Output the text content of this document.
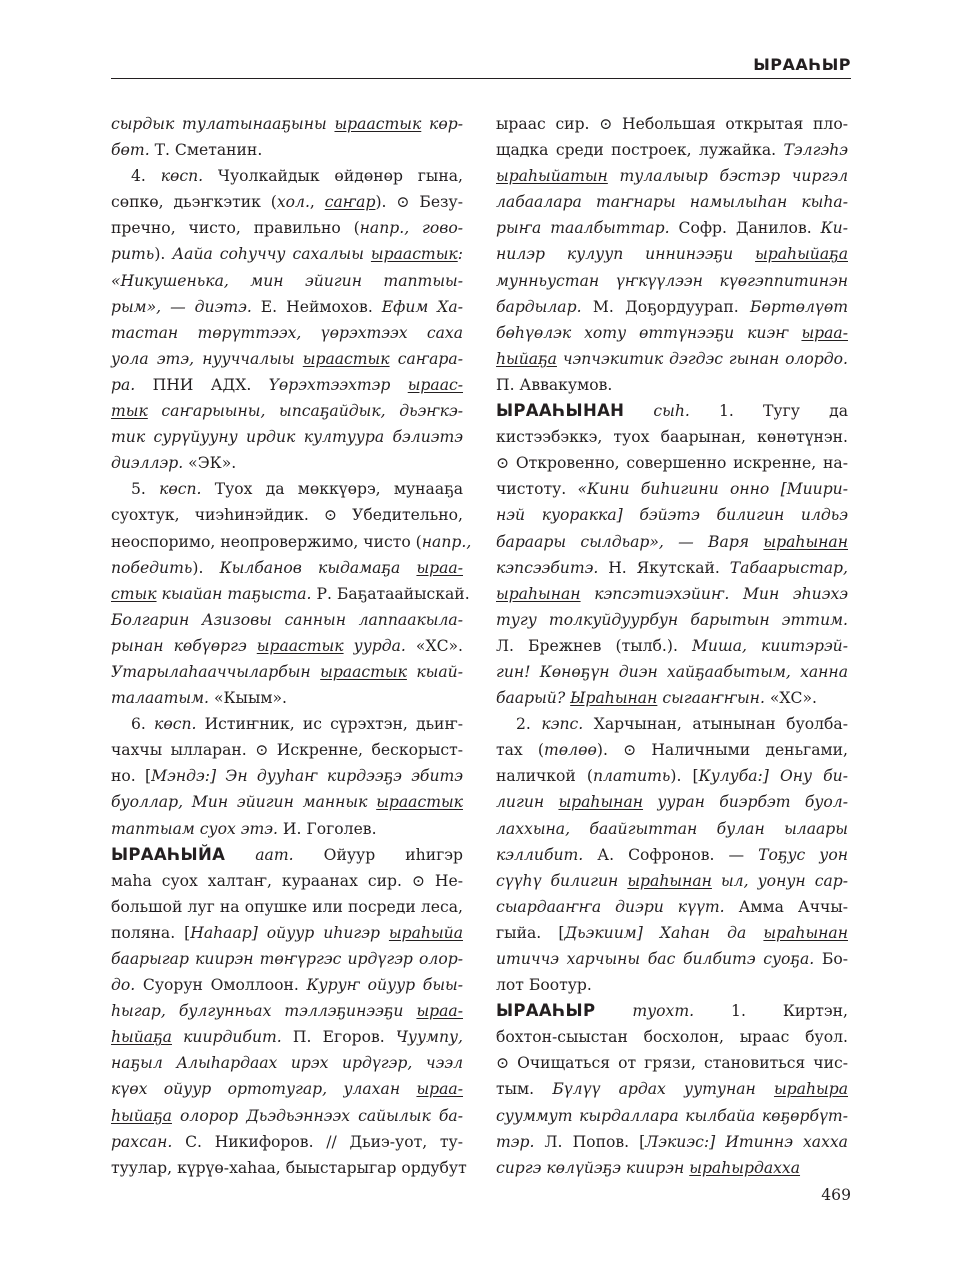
ЫРААҺЫР
сырдык тулатынааҕыны ыраастык көр-
бөт. Т. Сметанин.
4. көсп. Чуолкайдык өйдөнөр гына,
сөпкө, дьэҥкэтик (хол., саҥар). ⊙ Безу-
пречно, чисто, правильно (напр., гово-
рить). Аайа соһуччу сахалыы ыраастык:
«Никушенька, мин эйигин таптыы-
рым», — диэтэ. Е. Неймохов. Ефим Ха-
тастан төрүттээх, үөрэхтээх саха
уола этэ, нууччалыы ыраастык саҥара-
ра. ПНИ АДХ. Үөрэхтээхтэр ыраас-
тык саҥарыыны, ыпсаҕайдык, дьэҥкэ-
тик сурүйууну ирдик култуура бэлиэтэ
диэллэр. «ЭК».
5. көсп. Туох да мөккүөрэ, мунааҕа
суохтук, чиэһинэйдик. ⊙ Убедительно,
неоспоримо, неопровержимо, чисто (напр.,
победить). Кылбанов кыдамаҕа ыраа-
стык кыайан таҕыста. Р. Баҕатаайыскай.
Болгарин Азизовы саннын лаппаакыла-
рынан көбүөргэ ыраастык уурда. «ХС».
Утарылаһааччыларбын ыраастык кыай-
талаатым. «Кыым».
6. көсп. Истиҥник, ис сүрэхтэн, дьиҥ-
чахчы ылларан. ⊙ Искренне, бескорыст-
но. [Мэндэ:] Эн дууһаҥ кирдээҕэ эбитэ
буоллар, Мин эйигин маннык ыраастык
таптыам суох этэ. И. Гоголев.
ЫРААҺЫЙА аат. Ойуур иһигэр
маһа суох халтаҥ, кураанах сир. ⊙ Не-
большой луг на опушке или посреди леса,
поляна. [Наһаар] ойуур иһигэр ыраһыйа
баарыгар киирэн төҥүргэс ирдүгэр олор-
до. Суорун Омоллоон. Куруҥ ойуур быы-
һыгар, булгунньах тэллэҕинээҕи ыраа-
һыйаҕа киирдибит. П. Егоров. Чуумпу,
наҕыл Алыһардаах ирэх ирдүгэр, чээл
күөх ойуур ортотугар, улахан ыраа-
һыйаҕа олорор Дьэдьэннээх сайылык ба-
рахсан. С. Никифоров. // Дьиэ-уот, ту-
туулар, күрүө-хаһаа, быыстарыгар ордубут
ыраас сир. ⊙ Небольшая открытая пло-
щадка среди построек, лужайка. Тэлгэһэ
ыраһыйатын тулалыыр бэстэр чиргэл
лабаалара таҥнары намылыһан кыһа-
рыҥа таалбыттар. Софр. Данилов. Ки-
нилэр кулууп иннинээҕи ыраһыйаҕа
мунньустан үҥкүүлээн күөгэппитинэн
бардылар. М. Доҕордуурап. Бөртөлүөт
бөһүөлэк хоту өттүнээҕи киэҥ ыраа-
һыйаҕа чэпчэкитик дэгдэс гынан олордо.
П. Аввакумов.
ЫРААҺЫНАН сыһ. 1. Тугу да
кистээбэккэ, туох баарынан, көнөтүнэн.
⊙ Откровенно, совершенно искренне, на-
чистоту. «Кини биһигини онно [Миири-
нэй куоракка] бэйэтэ билигин илдьэ
бараары сылдьар», — Варя ыраһынан
кэпсээбитэ. Н. Якутскай. Табаарыстар,
ыраһынан кэпсэтиэхэйиҥ. Мин эһиэхэ
тугу толкуйдуурбун барытын эттим.
Л. Брежнев (тылб.). Миша, киитэрэй-
гин! Көнөҕүн диэн хайҕаабытым, ханна
баарый? Ыраһынан сыгааҥҥын. «ХС».
2. кэпс. Харчынан, атынынан буолба-
тах (төлөө). ⊙ Наличными деньгами,
наличкой (платить). [Кулуба:] Ону би-
лигин ыраһынан ууран биэрбэт буол-
лаххына, баайгыттан булан ылаары
кэллибит. А. Софронов. — Тоҕус уон
сүүһү билигин ыраһынан ыл, уонун сар-
сыардааҥҥа диэри күүт. Амма Аччы-
гыйа. [Дьэкиим] Хаһан да ыраһынан
итиччэ харчыны бас билбитэ суоҕа. Бо-
лот Боотур.
ЫРААҺЫР туохт. 1. Киртэн,
бохтон-сыыстан босхолон, ыраас буол.
⊙ Очищаться от грязи, становиться чис-
тым. Бүлүү ардах уутунан ыраһыра
сууммут кырдаллара кылбайа көҕөрбүт-
тэр. Л. Попов. [Лэкиэс:] Итиннэ хахха
сиргэ көлүйэҕэ киирэн ыраһырдахха
469
